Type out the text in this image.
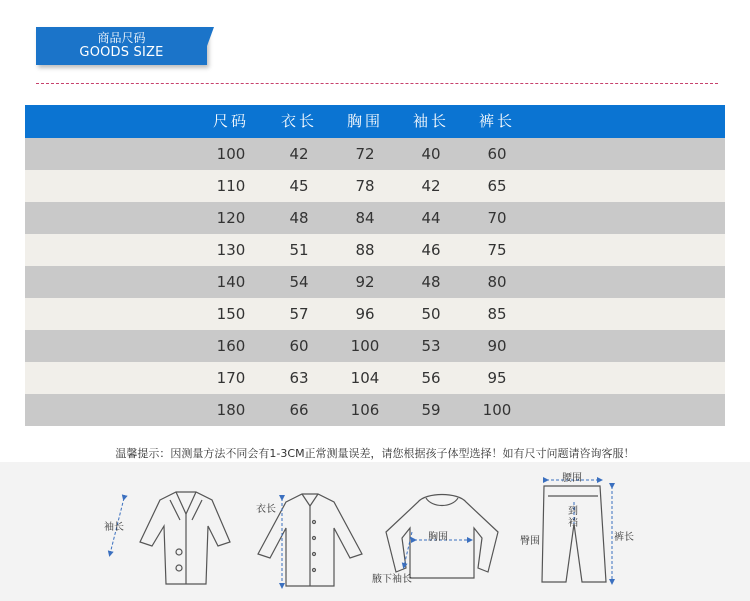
商品尺码
GOODS SIZE
尺码	衣长	胸围	袖长	裤长
100	42	72	40	60
110	45	78	42	65
120	48	84	44	70
130	51	88	46	75
140	54	92	48	80
150	57	96	50	85
160	60	100	53	90
170	63	104	56	95
180	66	106	59	100
温馨提示：因测量方法不同会有1-3CM正常测量误差，请您根据孩子体型选择！如有尺寸问题请咨询客服！
袖长
衣长
胸围
腋下袖长
腰围
到
裆
臀围	裤长
